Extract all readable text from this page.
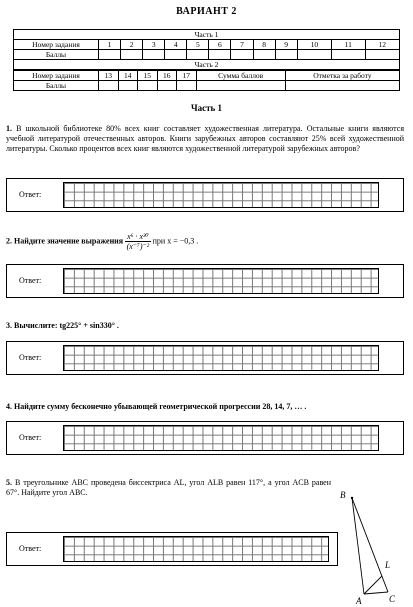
ВАРИАНТ 2
Часть 1												
Номер задания	1	2	3	4	5	6	7	8	9	10	11	12
Баллы												
Часть 2												
Номер задания	13	14	15	16	17	Сумма баллов	Отметка за работу
Баллы							
Часть 1
1. В школьной библиотеке 80% всех книг составляет художественная литература. Остальные книги являются учебной литературой отечественных авторов. Книги зарубежных авторов составляют 25% всей художественной литературы. Сколько процентов всех книг являются художественной литературой зарубежных авторов?
Ответ:
2. Найдите значение выражения $\frac{\text{x⁶ · x³⁰}}{\text{(x⁻⁷)⁻²}}$ при x = −0,3 .
Ответ:
3. Вычислите: tg225° + sin330° .
Ответ:
4. Найдите сумму бесконечно убывающей геометрической прогрессии 28, 14, 7, … .
Ответ:
5. В треугольнике ABC проведена биссектриса AL, угол ALB равен 117°, а угол ACB равен 67°. Найдите угол ABC.
Ответ:
B
L
A	C
